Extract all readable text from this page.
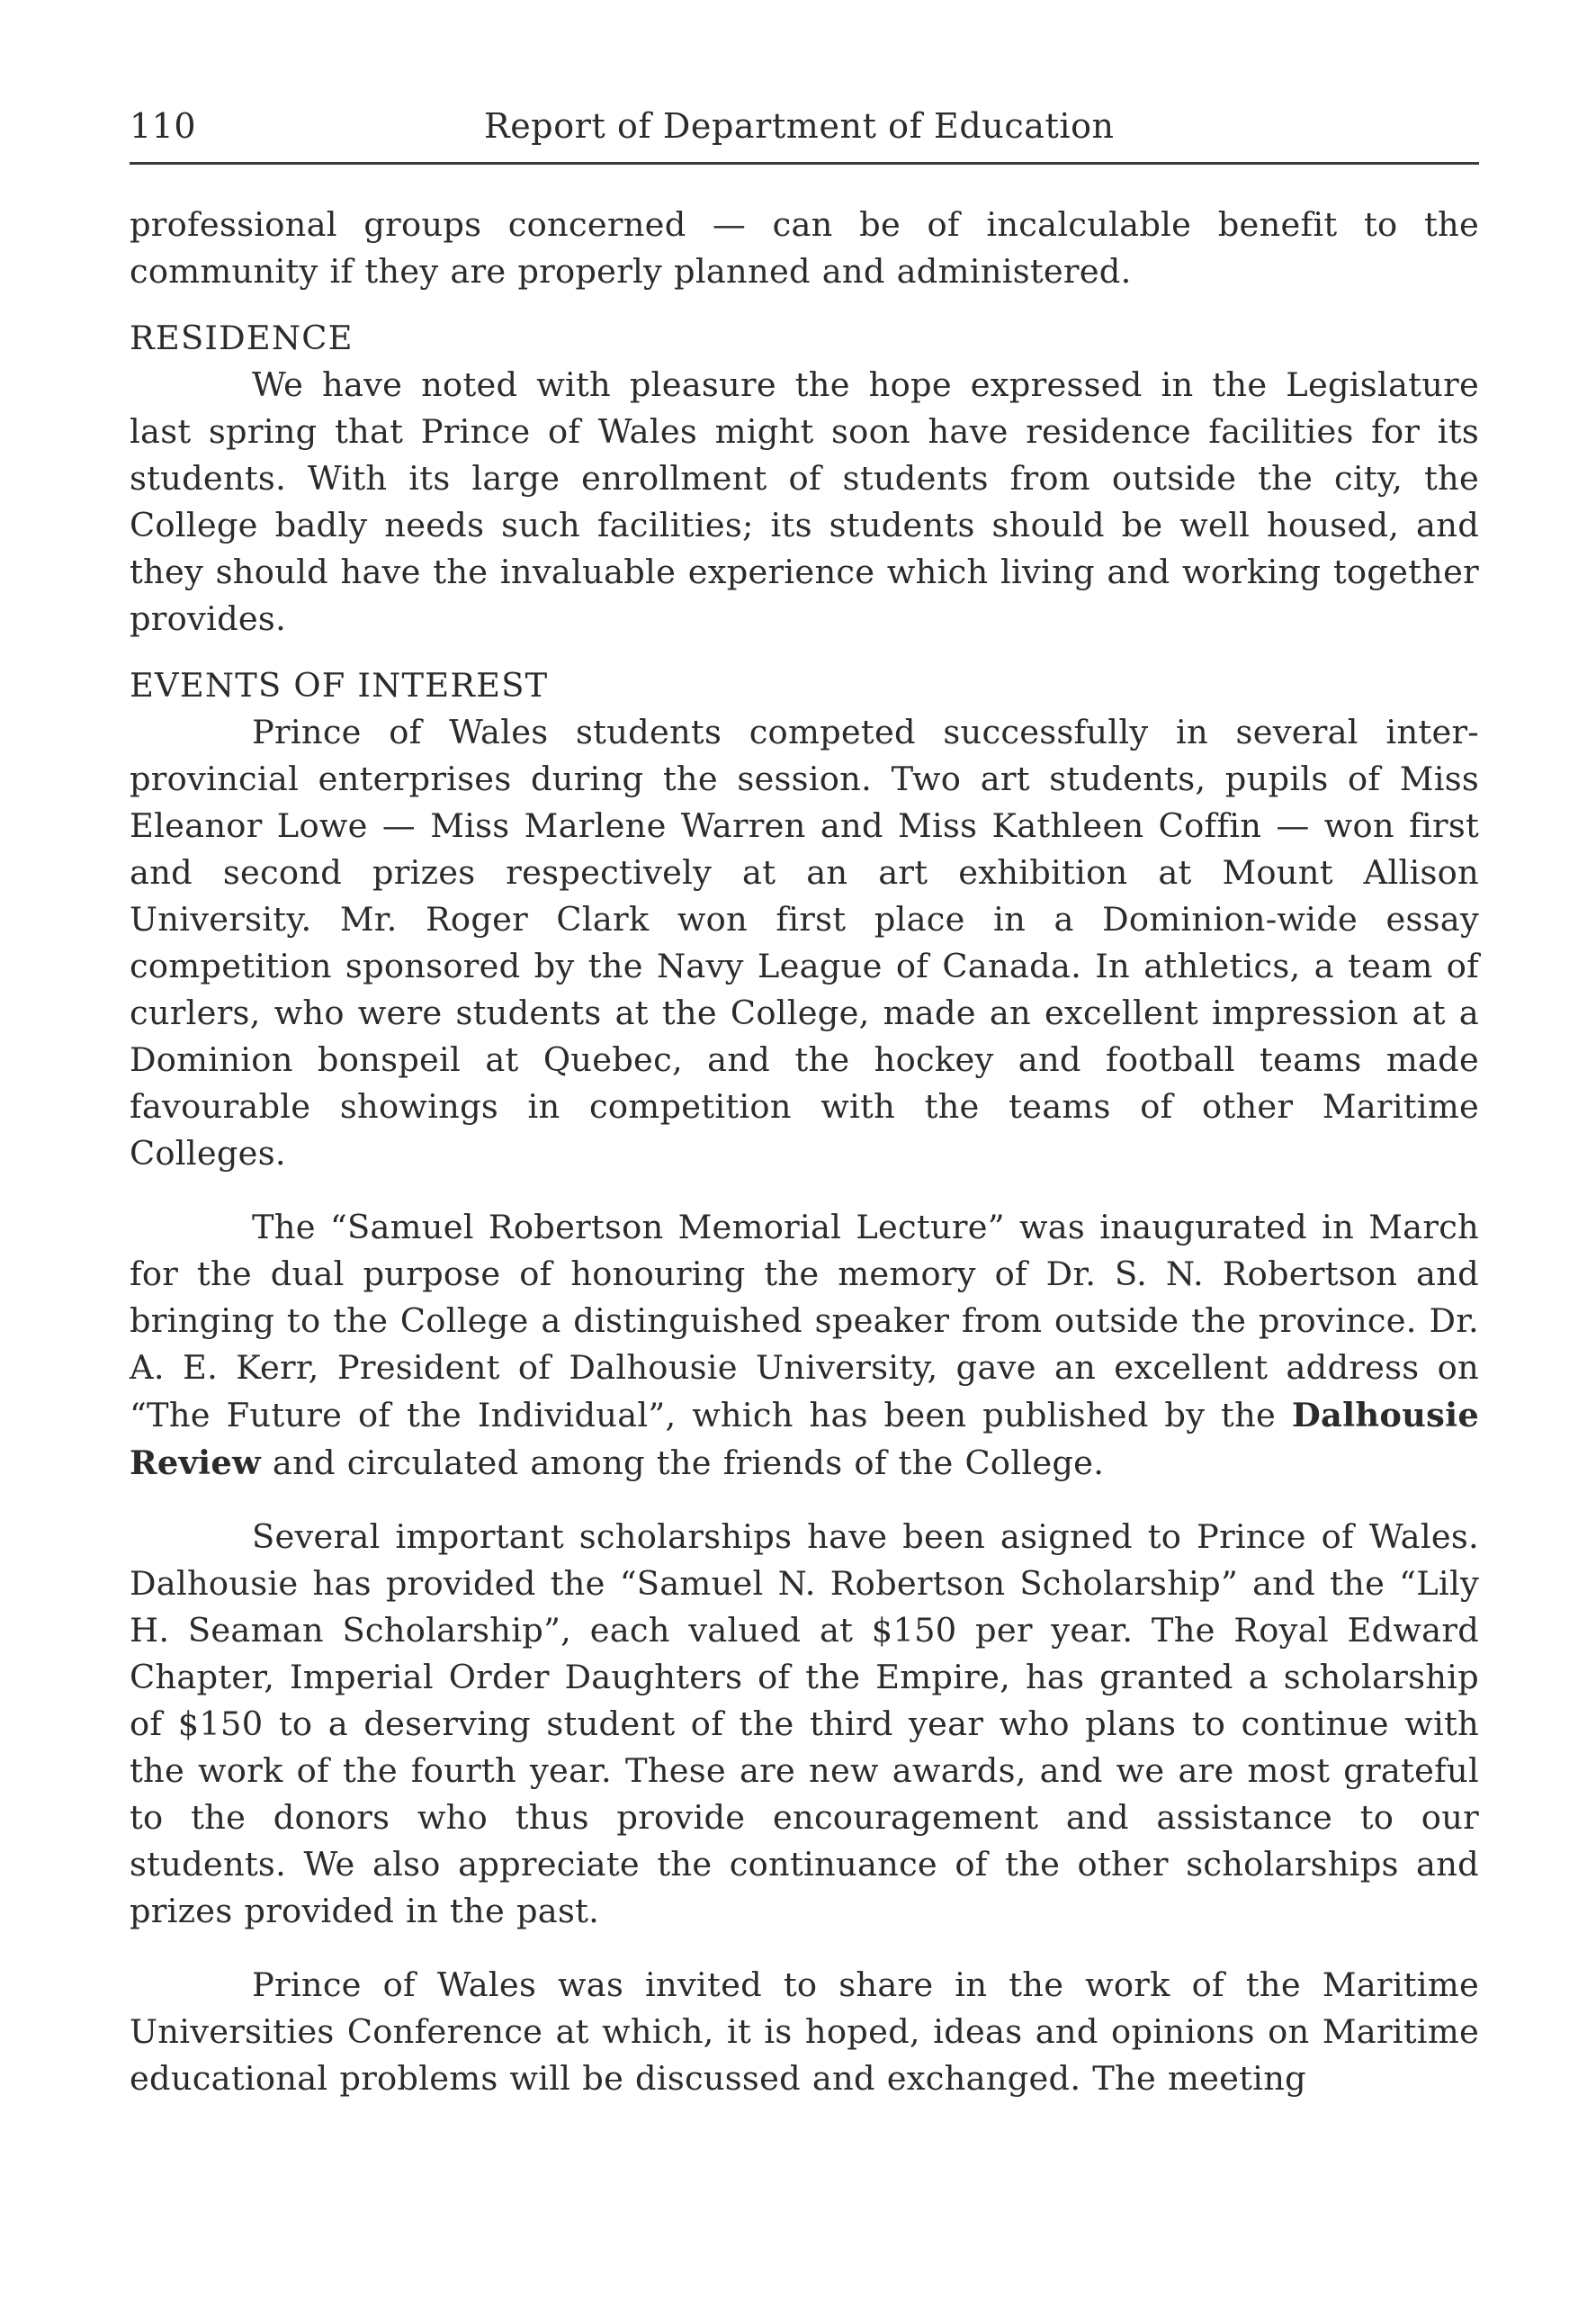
110	Report of Department of Education

professional groups concerned — can be of incalculable benefit to the community if they are properly planned and administered.

RESIDENCE

We have noted with pleasure the hope expressed in the Legislature last spring that Prince of Wales might soon have residence facilities for its students. With its large enrollment of students from outside the city, the College badly needs such facilities; its students should be well housed, and they should have the invaluable experience which living and working together provides.

EVENTS OF INTEREST

Prince of Wales students competed successfully in several inter-provincial enterprises during the session. Two art students, pupils of Miss Eleanor Lowe — Miss Marlene Warren and Miss Kathleen Coffin — won first and second prizes respectively at an art exhibition at Mount Allison University. Mr. Roger Clark won first place in a Dominion-wide essay competition sponsored by the Navy League of Canada. In athletics, a team of curlers, who were students at the College, made an excellent impression at a Dominion bonspeil at Quebec, and the hockey and football teams made favourable showings in competition with the teams of other Maritime Colleges.

The “Samuel Robertson Memorial Lecture” was inaugurated in March for the dual purpose of honouring the memory of Dr. S. N. Robertson and bringing to the College a distinguished speaker from outside the province. Dr. A. E. Kerr, President of Dalhousie University, gave an excellent address on “The Future of the Individual”, which has been published by the Dalhousie Review and circulated among the friends of the College.

Several important scholarships have been asigned to Prince of Wales. Dalhousie has provided the “Samuel N. Robertson Scholarship” and the “Lily H. Seaman Scholarship”, each valued at $150 per year. The Royal Edward Chapter, Imperial Order Daughters of the Empire, has granted a scholarship of $150 to a deserving student of the third year who plans to continue with the work of the fourth year. These are new awards, and we are most grateful to the donors who thus provide encouragement and assistance to our students. We also appreciate the continuance of the other scholarships and prizes provided in the past.

Prince of Wales was invited to share in the work of the Maritime Universities Conference at which, it is hoped, ideas and opinions on Maritime educational problems will be discussed and exchanged. The meeting
